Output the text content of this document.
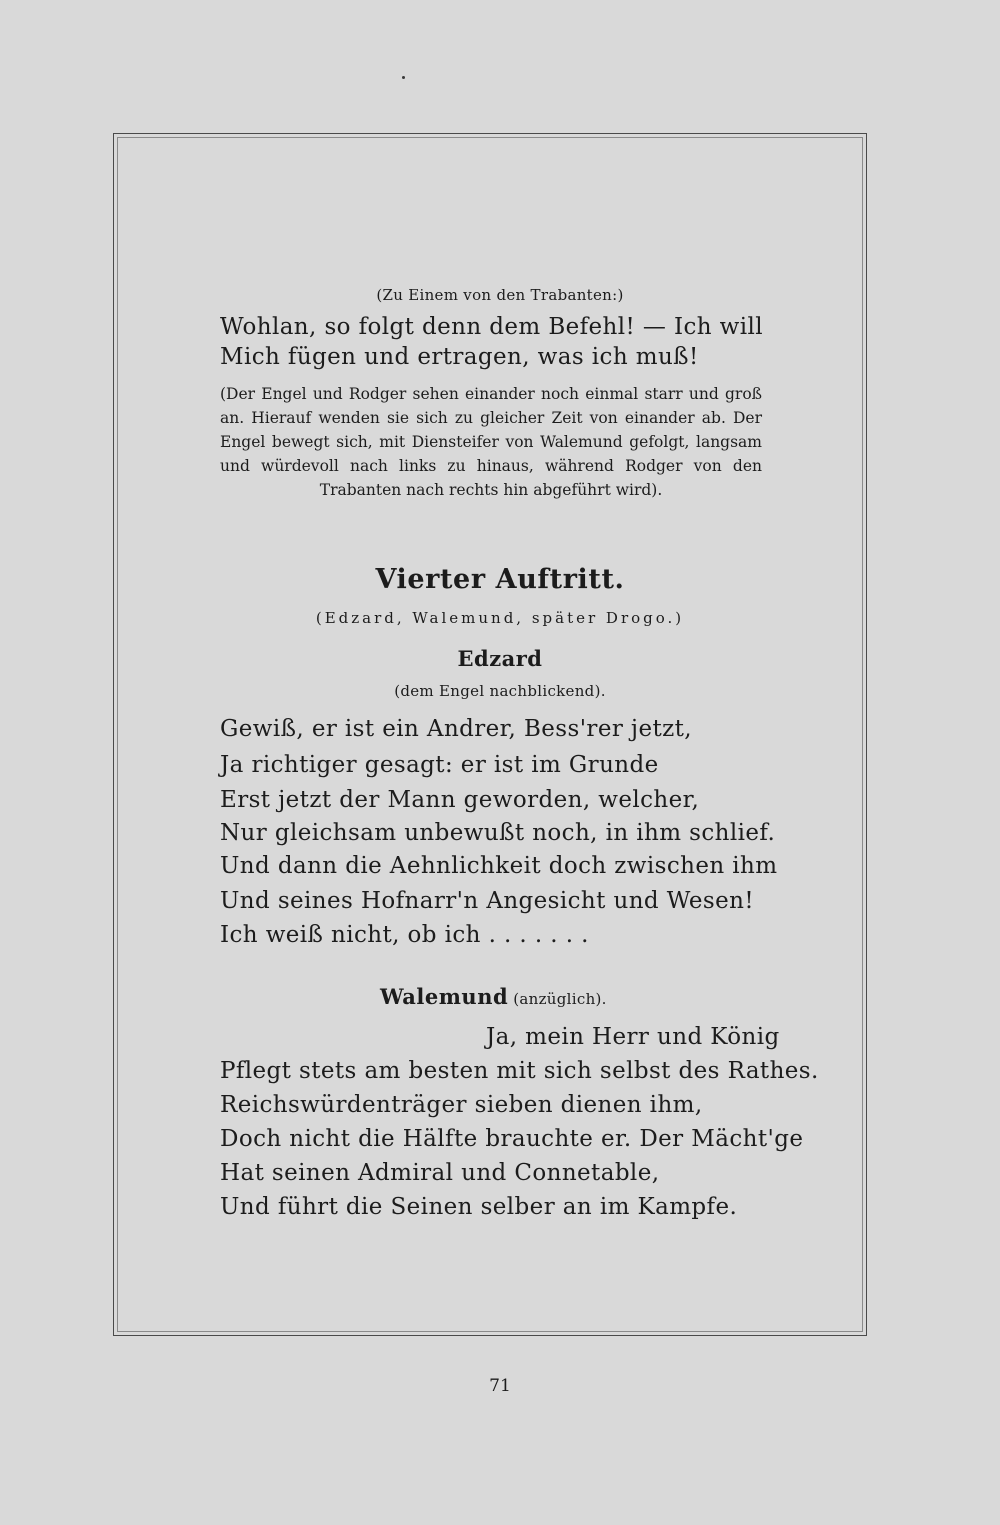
(Zu Einem von den Trabanten:)
Wohlan, so folgt denn dem Befehl! — Ich will
Mich fügen und ertragen, was ich muß!
(Der Engel und Rodger sehen einander noch einmal starr und groß an. Hierauf wenden sie sich zu gleicher Zeit von einander ab. Der Engel bewegt sich, mit Diensteifer von Walemund gefolgt, langsam und würdevoll nach links zu hinaus, während Rodger von den Trabanten nach rechts hin abgeführt wird).
Vierter Auftritt.
(Edzard, Walemund, später Drogo.)
Edzard
(dem Engel nachblickend).
Gewiß, er ist ein Andrer, Bess'rer jetzt,
Ja richtiger gesagt: er ist im Grunde
Erst jetzt der Mann geworden, welcher,
Nur gleichsam unbewußt noch, in ihm schlief.
Und dann die Aehnlichkeit doch zwischen ihm
Und seines Hofnarr'n Angesicht und Wesen!
Ich weiß nicht, ob ich . . . . . . .
Walemund (anzüglich).
Ja, mein Herr und König
Pflegt stets am besten mit sich selbst des Rathes.
Reichswürdenträger sieben dienen ihm,
Doch nicht die Hälfte brauchte er. Der Mächt'ge
Hat seinen Admiral und Connetable,
Und führt die Seinen selber an im Kampfe.
71
